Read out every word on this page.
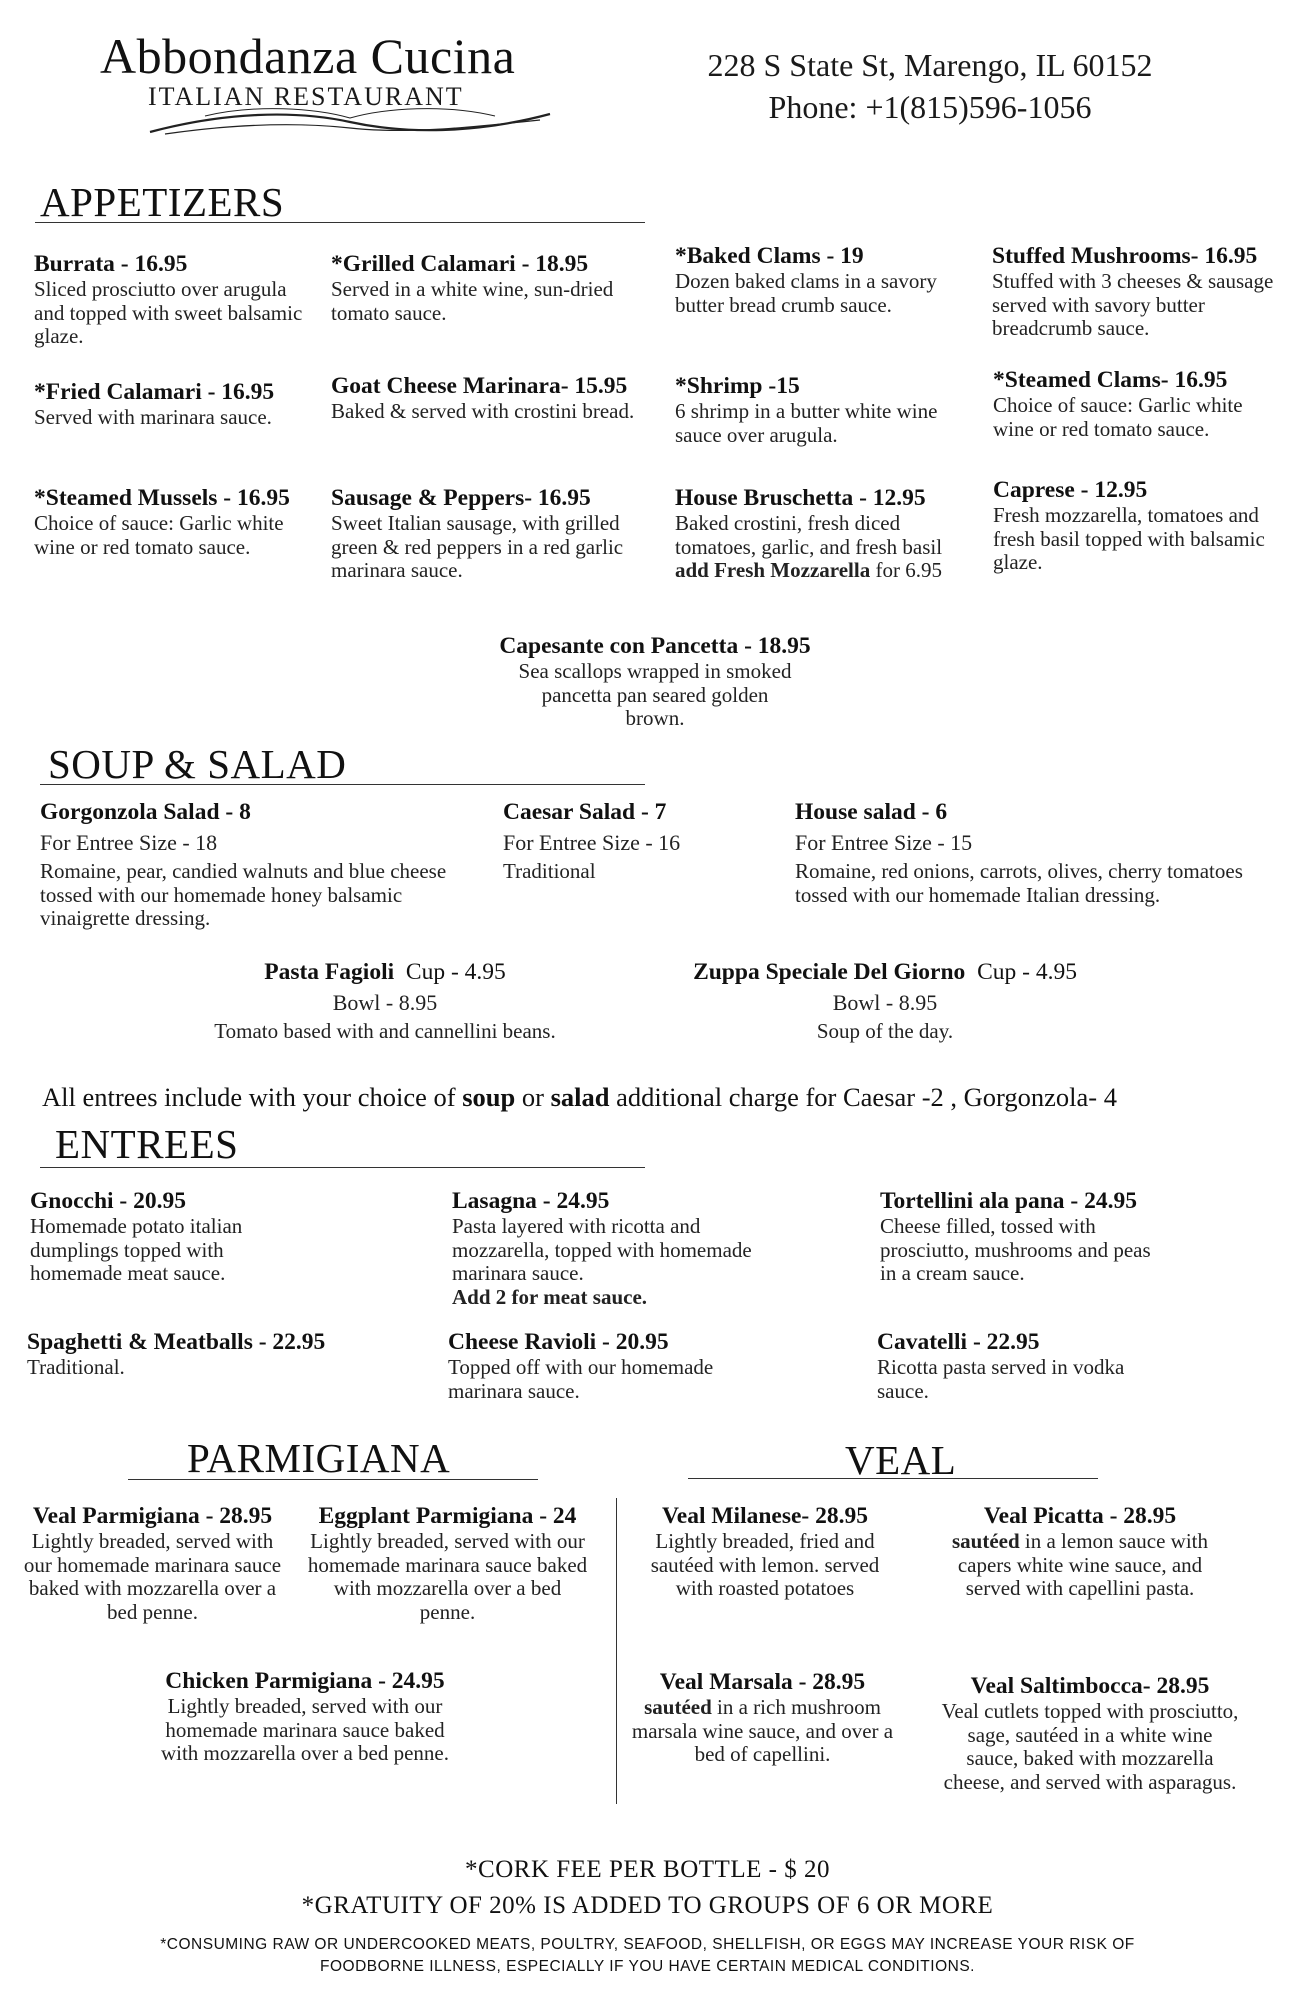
Abbondanza Cucina
ITALIAN RESTAURANT
228 S State St, Marengo, IL 60152
Phone: +1(815)596-1056
APPETIZERS
Burrata - 16.95
Sliced prosciutto over arugula and topped with sweet balsamic glaze.
*Grilled Calamari - 18.95
Served in a white wine, sun-dried tomato sauce.
*Baked Clams - 19
Dozen baked clams in a savory butter bread crumb sauce.
Stuffed Mushrooms- 16.95
Stuffed with 3 cheeses & sausage served with savory butter breadcrumb sauce.
*Fried Calamari - 16.95
Served with marinara sauce.
Goat Cheese Marinara- 15.95
Baked & served with crostini bread.
*Shrimp -15
6 shrimp in a butter white wine sauce over arugula.
*Steamed Clams- 16.95
Choice of sauce: Garlic white wine or red tomato sauce.
*Steamed Mussels - 16.95
Choice of sauce: Garlic white wine or red tomato sauce.
Sausage & Peppers- 16.95
Sweet Italian sausage, with grilled green & red peppers in a red garlic marinara sauce.
House Bruschetta - 12.95
Baked crostini, fresh diced tomatoes, garlic, and fresh basil add Fresh Mozzarella for 6.95
Caprese - 12.95
Fresh mozzarella, tomatoes and fresh basil topped with balsamic glaze.
Capesante con Pancetta - 18.95
Sea scallops wrapped in smoked pancetta pan seared golden brown.
SOUP & SALAD
Gorgonzola Salad - 8
For Entree Size - 18
Romaine, pear, candied walnuts and blue cheese tossed with our homemade honey balsamic vinaigrette dressing.
Caesar Salad - 7
For Entree Size - 16
Traditional
House salad - 6
For Entree Size - 15
Romaine, red onions, carrots, olives, cherry tomatoes tossed with our homemade Italian dressing.
Pasta Fagioli Cup - 4.95
Bowl - 8.95
Tomato based with and cannellini beans.
Zuppa Speciale Del Giorno Cup - 4.95
Bowl - 8.95
Soup of the day.
All entrees include with your choice of soup or salad additional charge for Caesar -2 , Gorgonzola- 4
ENTREES
Gnocchi - 20.95
Homemade potato italian dumplings topped with homemade meat sauce.
Lasagna - 24.95
Pasta layered with ricotta and mozzarella, topped with homemade marinara sauce.
Add 2 for meat sauce.
Tortellini ala pana - 24.95
Cheese filled, tossed with prosciutto, mushrooms and peas in a cream sauce.
Spaghetti & Meatballs - 22.95
Traditional.
Cheese Ravioli - 20.95
Topped off with our homemade marinara sauce.
Cavatelli - 22.95
Ricotta pasta served in vodka sauce.
PARMIGIANA
Veal Parmigiana - 28.95
Lightly breaded, served with our homemade marinara sauce baked with mozzarella over a bed penne.
Eggplant Parmigiana - 24
Lightly breaded, served with our homemade marinara sauce baked with mozzarella over a bed penne.
Chicken Parmigiana - 24.95
Lightly breaded, served with our homemade marinara sauce baked with mozzarella over a bed penne.
VEAL
Veal Milanese- 28.95
Lightly breaded, fried and sautéed with lemon. served with roasted potatoes
Veal Picatta - 28.95
sautéed in a lemon sauce with capers white wine sauce, and served with capellini pasta.
Veal Marsala - 28.95
sautéed in a rich mushroom marsala wine sauce, and over a bed of capellini.
Veal Saltimbocca- 28.95
Veal cutlets topped with prosciutto, sage, sautéed in a white wine sauce, baked with mozzarella cheese, and served with asparagus.
*CORK FEE PER BOTTLE - $ 20
*GRATUITY OF 20% IS ADDED TO GROUPS OF 6 OR MORE
*CONSUMING RAW OR UNDERCOOKED MEATS, POULTRY, SEAFOOD, SHELLFISH, OR EGGS MAY INCREASE YOUR RISK OF
FOODBORNE ILLNESS, ESPECIALLY IF YOU HAVE CERTAIN MEDICAL CONDITIONS.
